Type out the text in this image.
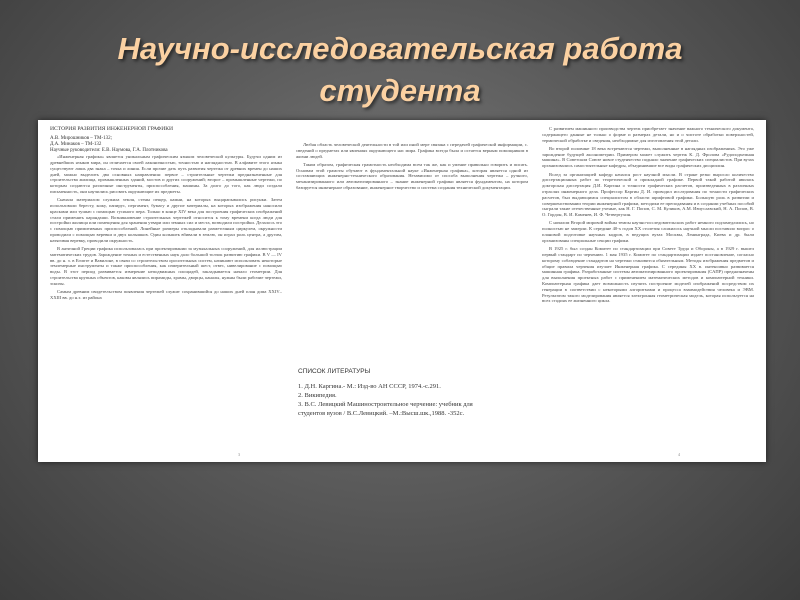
Научно-исследовательская работа
студента

ИСТОРИЯ РАЗВИТИЯ ИНЖЕНЕРНОЙ ГРАФИКИ

А.В. Мирошников – ТМ-132;
Д.А. Минаков – ТМ-132
Научные руководители: Е.В. Наумова, Г.А. Плотникова

«Инженерная графика» является уникальным графическим языком человеческой культуры. Будучи одним из древнейших языков мира, он отличается своей лаконичностью, точностью и наглядностью. В алфавите этого языка существуют лишь два знака – точка и линия. Если прочие дать путь развития чертежа от древних времен до наших дней, можно выделить два основных направления: первое – строительные чертежи предназначенные для строительства жилища, промышленных зданий, мостов и других сооружений; второе – промышленные чертежи, по которым создаются различные инструменты, приспособления, машины. За долго до того, как люди создали письменность, они научились рисовать окружающие их предметы.

Сначала материалом служила земля, стены пещер, камни, на которых выцарапывались рисунки. Затем использовали бересту, кожу, папирус, пергамент, бумагу и другие материалы, на которых изображения наносили красками или тушью с помощью гусиного пера. Только в конце XIV века для построения графических изображений стали применять карандаши. Возникновение строительных чертежей относится к тому времени когда люди для постройки жилища или помещения для хранения утвари или земных сил и места, возводили постройки. Делалось это с помощью примитивных приспособлений. Линейные размеры откладывали разметочным циркулем, окружности проводили с помощью веревки и двух колышков. Один колышек вбивали в землю, он играл роль центра, а другим, натягивая веревку, проводили окружность.

В античной Греции графика использовалась при проектировании за музыкальных сооружений, для иллюстрации математических трудов. Зарождение точных и естественных наук дало большой толчок развитию графики. В V — IV вв. до н. э. в Египте и Вавилоне, в связи со строительством оросительных систем, начинают использовать некоторые землемерные инструменты и также приспособления, как измерительный шест, отвес, нивелирование с помощью воды. В этот период развивается измерение неподвижных площадей, закладывается начало геометрии. Для строительства крупных объектов, каковы являлись пирамиды, храмы, дворцы, каналы, нужны были рабочие чертежи, эскизы.

Самым древним свидетельством появления чертежей служит сохранившийся до наших дней план дома XXIV–XXIII вв. до н.э. из района

Любая область человеческой деятельности в той или иной мере связана с передачей графической информации, с. сведений о предметах или явлениях окружающего нас мира. Графика всегда была и остается верным помощником в жизни людей.

Таким образом, графическая грамотность необходима всем так же, как и умение правильно говорить и писать. Основам этой грамоты обучают в фундаментальной науке «Инженерная графика», которая является одной из составляющих инженерно-технического образования. Независимо от способа выполнения чертежа – ручного, механизированного или автоматизированного – знание инженерной графики является фундаментом, на котором базируется инженерное образование, инженерное творчество и система создания технической документации.

СПИСОК ЛИТЕРАТУРЫ
1. Д.Н. Каргина.- М.: Изд-во АН СССР, 1974.-с.291.
2. Википедия.
3. В.С. Левицкий Машиностроительное черчение: учебник для
студентов вузов / В.С.Левицкий. –М.:Высш.шк.,1988. -352с.

С развитием машинного производства чертеж приобретает значение важного технического документа, содержащего данные не только о форме и размерах детали, но и о чистоте обработки поверхностей, термической обработке и сведения, необходимые для изготовления этой детали.

Во второй половине 18 века встречаются чертежи, выполненные в наглядных изображениях. Это уже зарождение будущей аксонометрии. Примером может служить чертеж К. Д. Фролова «Рудоподъемная машина». В Советском Союзе новое студенчество подняло значение графических специалистов. При вузах организовались самостоятельные кафедры, объединившие все виды графических дисциплин.

Вслед за организацией кафедр начался рост научной мысли. В стране резко выросло количество диссертационных работ по теоретической и прикладной графике. Первой такой работой явилась докторская диссертация Д.И. Каргина о точности графических расчетов, произведенных в различных отраслях инженерного дела. Профессор Каргин Д. И. проводил исследования по точности графических расчетов, был выдающимся специалистом в области шрифтовой графики. Большую роль в развитии и совершенствовании теории инженерной графики, методики ее преподавания и в создании учебных пособий сыграли такие отечественные ученые, как Н. Г. Попов, С. М. Куликов, А.М. Ивчуславский, Н. А. Попов, В. О. Гордон, В. И. Каменев, И. Ф. Четвертухин.

С началом Второй мировой войны темпы научно-исследовательских работ немного подзамедлились, но полностью не замерли. К середине 40-х годов ХХ столетия сложилось научной мысли поставило вопрос о плановой подготовке научных кадров, в ведущих вузах Москвы, Ленинграда, Киева и др. были организованы специальные секции графики.

В 1925 г. был создан Комитет по стандартизации при Совете Труда и Обороны, а в 1929 г. вышел первый стандарт по черчению. 1 мая 1935 г. Комитет по стандартизации издает постановление, согласно которому соблюдение стандартов на чертежи становится обязательным. Методы изображения предметов и общие правила черчения изучает Инженерная графика. С середины ХХ в. интенсивно развивается машинная графика. Разработанные системы автоматизированного проектирования (САПР) предназначены для выполнения проектных работ с применением математических методов и компьютерной техники. Компьютерная графика дает возможность изучить построение моделей изображений посредством их генерации в соответствии с некоторыми алгоритмами и процесса взаимодействия человека и ЭВМ. Результатом такого моделирования является электронная геометрическая модель, которая используется на всех стадиях ее жизненного цикла.

3	4
